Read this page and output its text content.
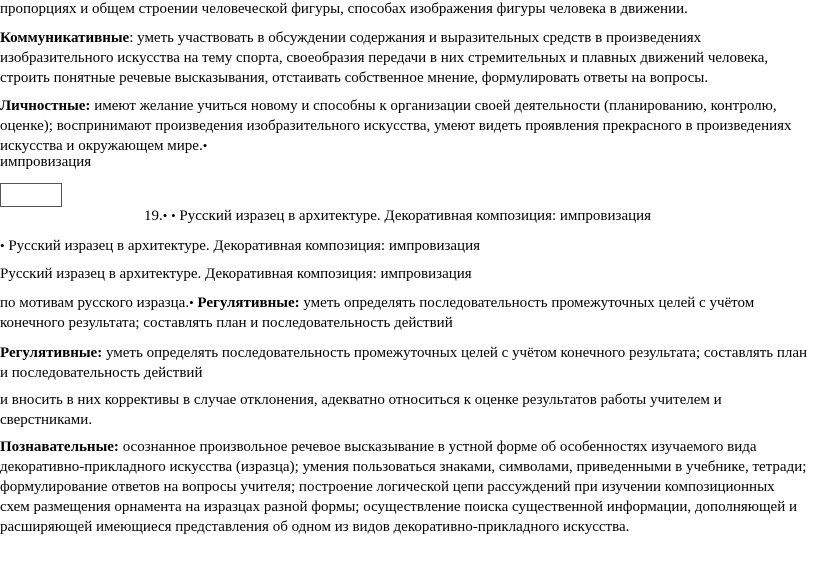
пропорциях и общем строении человеческой фигуры, способах изображения фигуры человека в движении.

Коммуникативные: уметь участвовать в обсуждении содержания и выразительных средств в произведениях изобразительного искусства на тему спорта, своеобразия передачи в них стремительных и плавных движений человека, строить понятные речевые высказывания, отстаивать собственное мнение, формулировать ответы на вопросы.

Личностные: имеют желание учиться новому и способны к организации своей деятельности (планированию, контролю, оценке); воспринимают произведения изобразительного искусства, умеют видеть проявления прекрасного в произведениях искусства и окружающем мире.•

импровизация

19.• • Русский изразец в архитектуре. Декоративная композиция: импровизация

• Русский изразец в архитектуре. Декоративная композиция: импровизация

Русский изразец в архитектуре. Декоративная композиция: импровизация

по мотивам русского изразца.• Регулятивные: уметь определять последовательность промежуточных целей с учётом конечного результата; составлять план и последовательность действий

Регулятивные: уметь определять последовательность промежуточных целей с учётом конечного результата; составлять план и последовательность действий

и вносить в них коррективы в случае отклонения, адекватно относиться к оценке результатов работы учителем и сверстниками.

Познавательные: осознанное произвольное речевое высказывание в устной форме об особенностях изучаемого вида декоративно-прикладного искусства (изразца); умения пользоваться знаками, символами, приведенными в учебнике, тетради; формулирование ответов на вопросы учителя; построение логической цепи рассуждений при изучении композиционных схем размещения орнамента на изразцах разной формы; осуществление поиска существенной информации, дополняющей и расширяющей имеющиеся представления об одном из видов декоративно-прикладного искусства.
